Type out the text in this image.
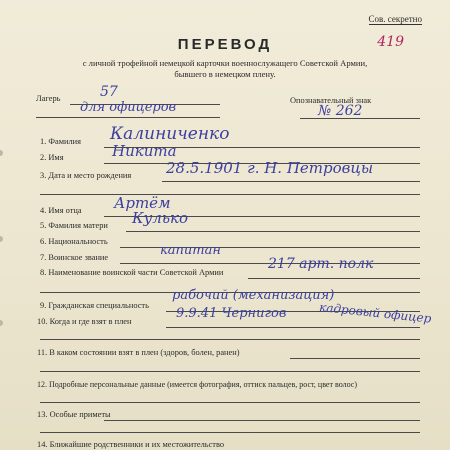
Сов. секретно
419
ПЕРЕВОД
с личной трофейной немецкой карточки военнослужащего Советской Армии,
бывшего в немецком плену.
Лагерь	57
для офицеров	Опознавательный знак
№ 262
1. Фамилия Калиниченко
2. Имя	Никита
3. Дата и место рождения 28.5.1901 г. Н. Петровцы
4. Имя отца Артём
5. Фамилия матери Кулько
6. Национальность
7. Воинское звание	капитан
8. Наименование воинской части Советской Армии
217 арт. полк
9. Гражданская специальность
рабочий (механизация)
10. Когда и где взят в плен
9.9.41 Чернигов	кадровый офицер
11. В каком состоянии взят в плен (здоров, болен, ранен)
12. Подробные персональные данные (имеется фотография, оттиск пальцев, рост, цвет волос)
13. Особые приметы
14. Ближайшие родственники и их местожительство
